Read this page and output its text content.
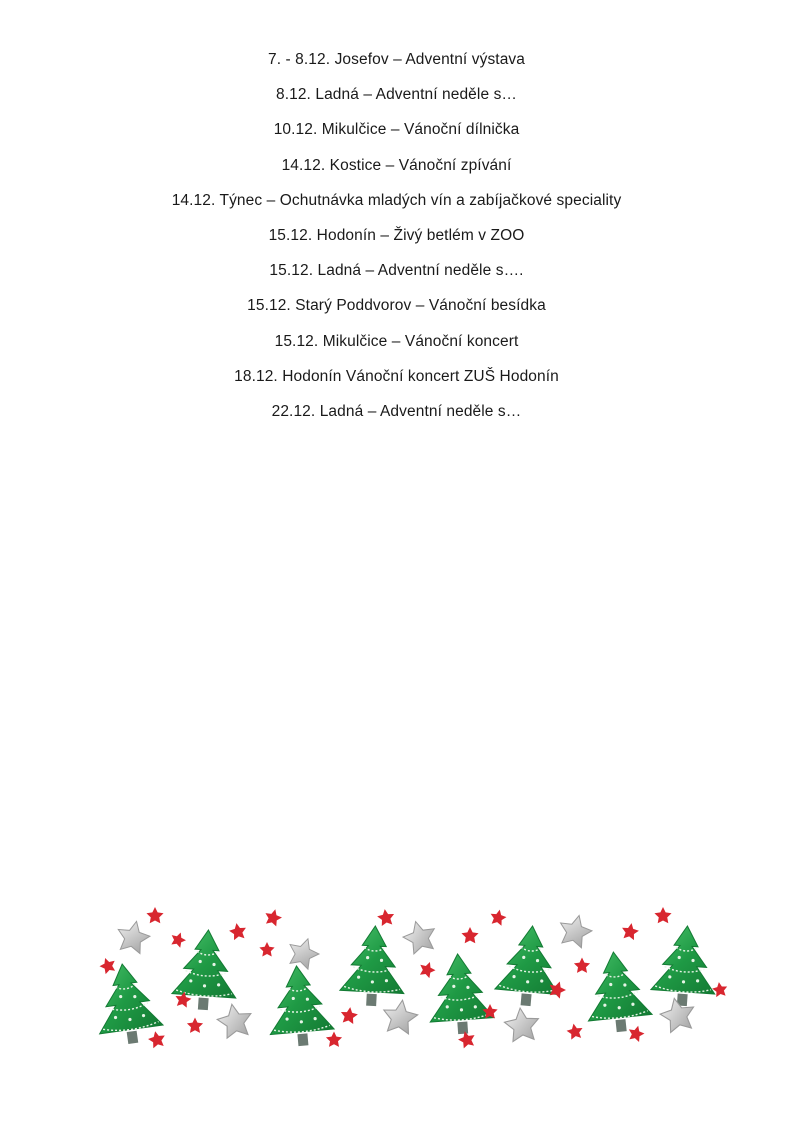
7. - 8.12. Josefov – Adventní výstava
8.12. Ladná – Adventní neděle s…
10.12. Mikulčice – Vánoční dílnička
14.12. Kostice – Vánoční zpívání
14.12. Týnec – Ochutnávka mladých vín a zabíjačkové speciality
15.12. Hodonín – Živý betlém v ZOO
15.12. Ladná – Adventní neděle s….
15.12. Starý Poddvorov – Vánoční besídka
15.12. Mikulčice – Vánoční koncert
18.12. Hodonín Vánoční koncert ZUŠ Hodonín
22.12. Ladná – Adventní neděle s…
